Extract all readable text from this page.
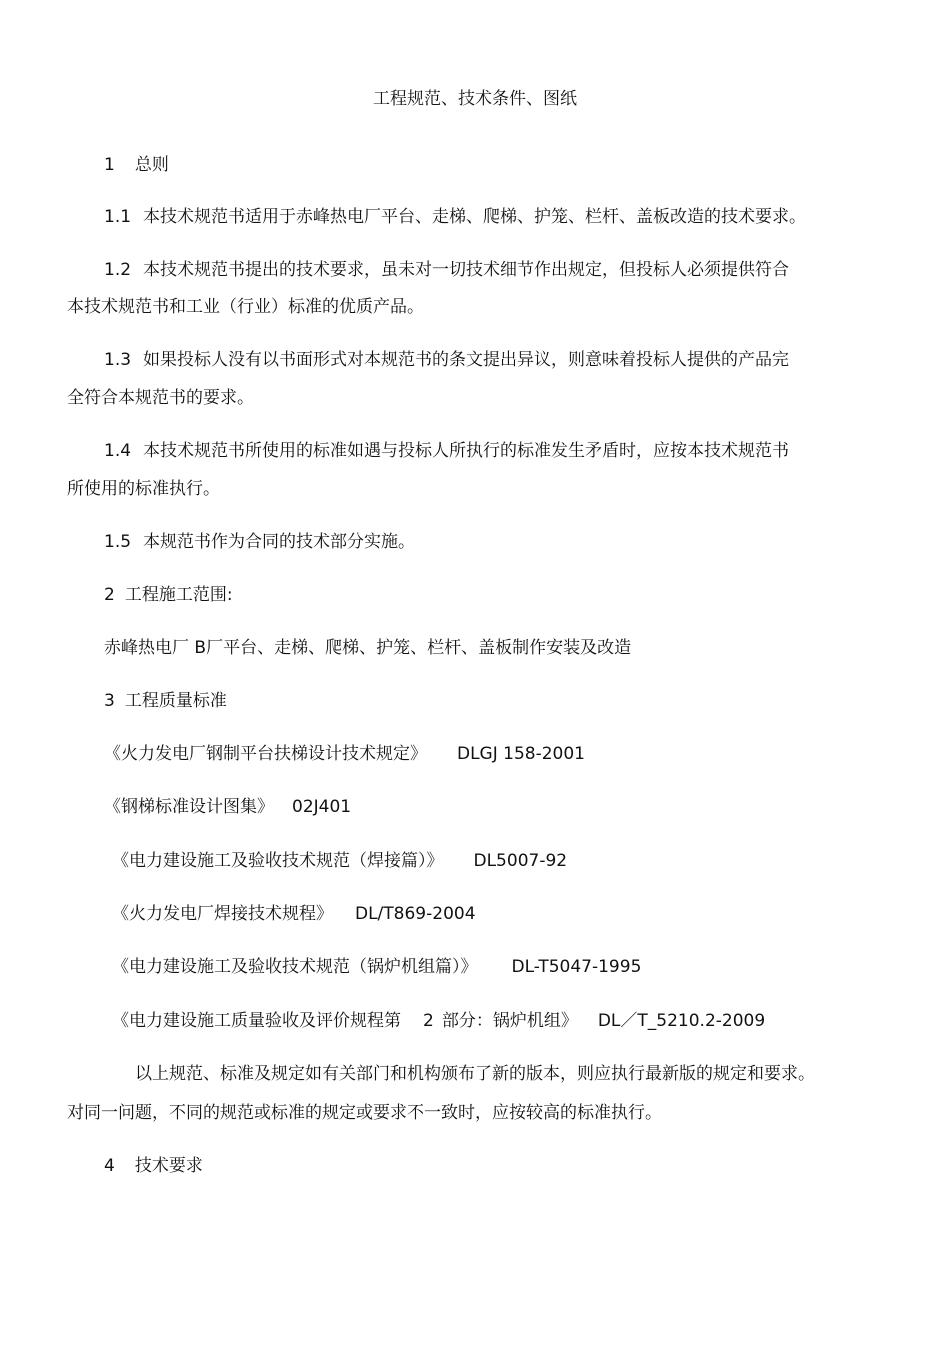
工程规范、技术条件、图纸
1 总则
1.1 本技术规范书适用于赤峰热电厂平台、走梯、爬梯、护笼、栏杆、盖板改造的技术要求。
1.2 本技术规范书提出的技术要求，虽未对一切技术细节作出规定，但投标人必须提供符合
本技术规范书和工业（行业）标准的优质产品。
1.3 如果投标人没有以书面形式对本规范书的条文提出异议，则意味着投标人提供的产品完
全符合本规范书的要求。
1.4 本技术规范书所使用的标准如遇与投标人所执行的标准发生矛盾时，应按本技术规范书
所使用的标准执行。
1.5 本规范书作为合同的技术部分实施。
2 工程施工范围:
赤峰热电厂 B厂平台、走梯、爬梯、护笼、栏杆、盖板制作安装及改造
3 工程质量标准
《火力发电厂钢制平台扶梯设计技术规定》 DLGJ 158-2001
《钢梯标准设计图集》 02J401
《电力建设施工及验收技术规范（焊接篇）》 DL5007-92
《火力发电厂焊接技术规程》 DL/T869-2004
《电力建设施工及验收技术规范（锅炉机组篇）》 DL-T5047-1995
《电力建设施工质量验收及评价规程第 2 部分：锅炉机组》 DL／T_5210.2-2009
以上规范、标准及规定如有关部门和机构颁布了新的版本，则应执行最新版的规定和要求。
对同一问题，不同的规范或标准的规定或要求不一致时，应按较高的标准执行。
4 技术要求
